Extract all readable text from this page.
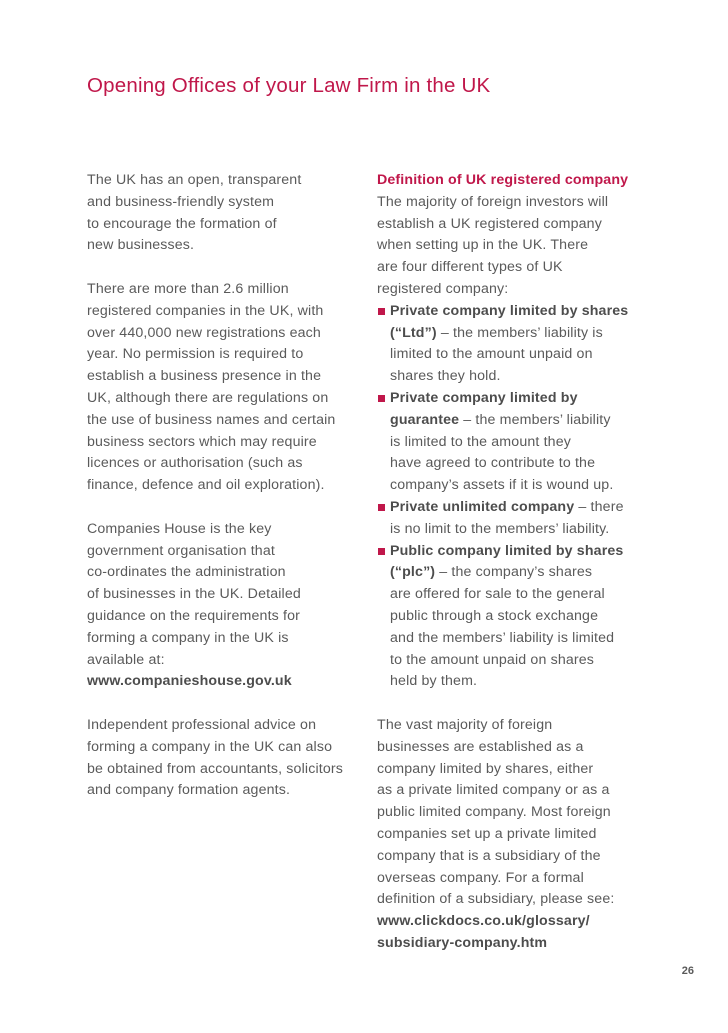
Opening Offices of your Law Firm in the UK
The UK has an open, transparent
and business-friendly system
to encourage the formation of
new businesses.
There are more than 2.6 million
registered companies in the UK, with
over 440,000 new registrations each
year. No permission is required to
establish a business presence in the
UK, although there are regulations on
the use of business names and certain
business sectors which may require
licences or authorisation (such as
finance, defence and oil exploration).
Companies House is the key
government organisation that
co-ordinates the administration
of businesses in the UK. Detailed
guidance on the requirements for
forming a company in the UK is
available at:
www.companieshouse.gov.uk
Independent professional advice on
forming a company in the UK can also
be obtained from accountants, solicitors
and company formation agents.
Definition of UK registered company
The majority of foreign investors will
establish a UK registered company
when setting up in the UK. There
are four different types of UK
registered company:
Private company limited by shares
(“Ltd”) – the members’ liability is
limited to the amount unpaid on
shares they hold.
Private company limited by
guarantee – the members’ liability
is limited to the amount they
have agreed to contribute to the
company’s assets if it is wound up.
Private unlimited company – there
is no limit to the members’ liability.
Public company limited by shares
(“plc”) – the company’s shares
are offered for sale to the general
public through a stock exchange
and the members’ liability is limited
to the amount unpaid on shares
held by them.
The vast majority of foreign
businesses are established as a
company limited by shares, either
as a private limited company or as a
public limited company. Most foreign
companies set up a private limited
company that is a subsidiary of the
overseas company. For a formal
definition of a subsidiary, please see:
www.clickdocs.co.uk/glossary/
subsidiary-company.htm
26
